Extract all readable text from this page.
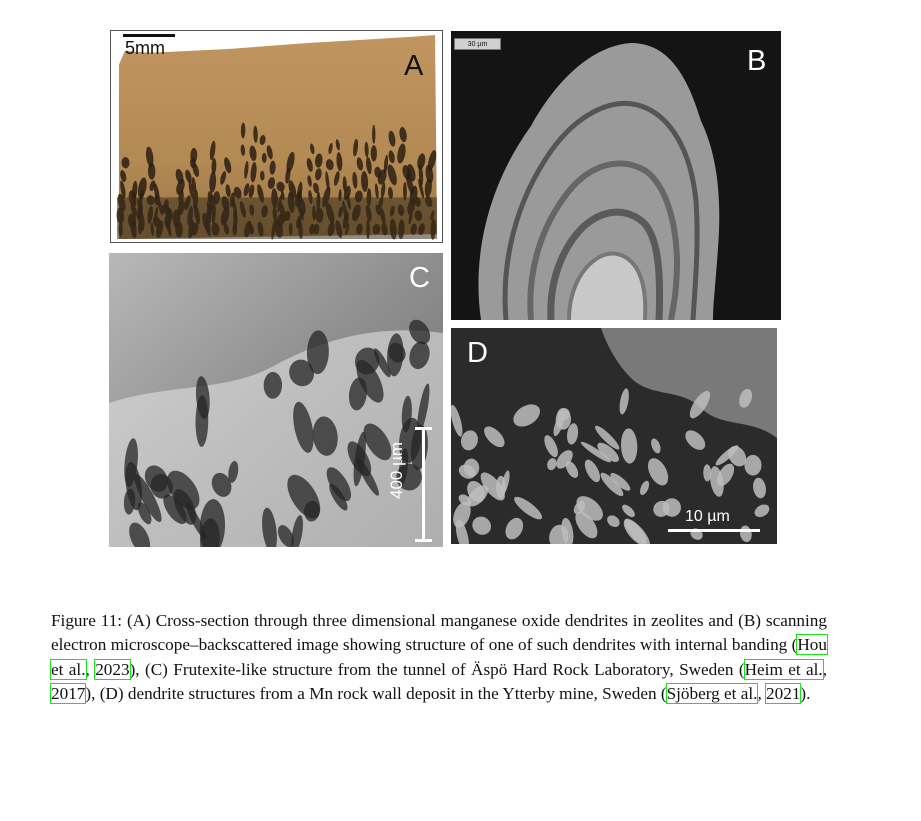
A
5mm	B
30 µm
C
400 µm
D
10 µm
Figure 11: (A) Cross-section through three dimensional manganese oxide dendrites in zeolites and (B) scanning electron microscope–backscattered image showing structure of one of such dendrites with internal banding (Hou et al., 2023), (C) Frutexite-like structure from the tunnel of Äspö Hard Rock Laboratory, Sweden (Heim et al., 2017), (D) dendrite structures from a Mn rock wall deposit in the Ytterby mine, Sweden (Sjöberg et al., 2021).
